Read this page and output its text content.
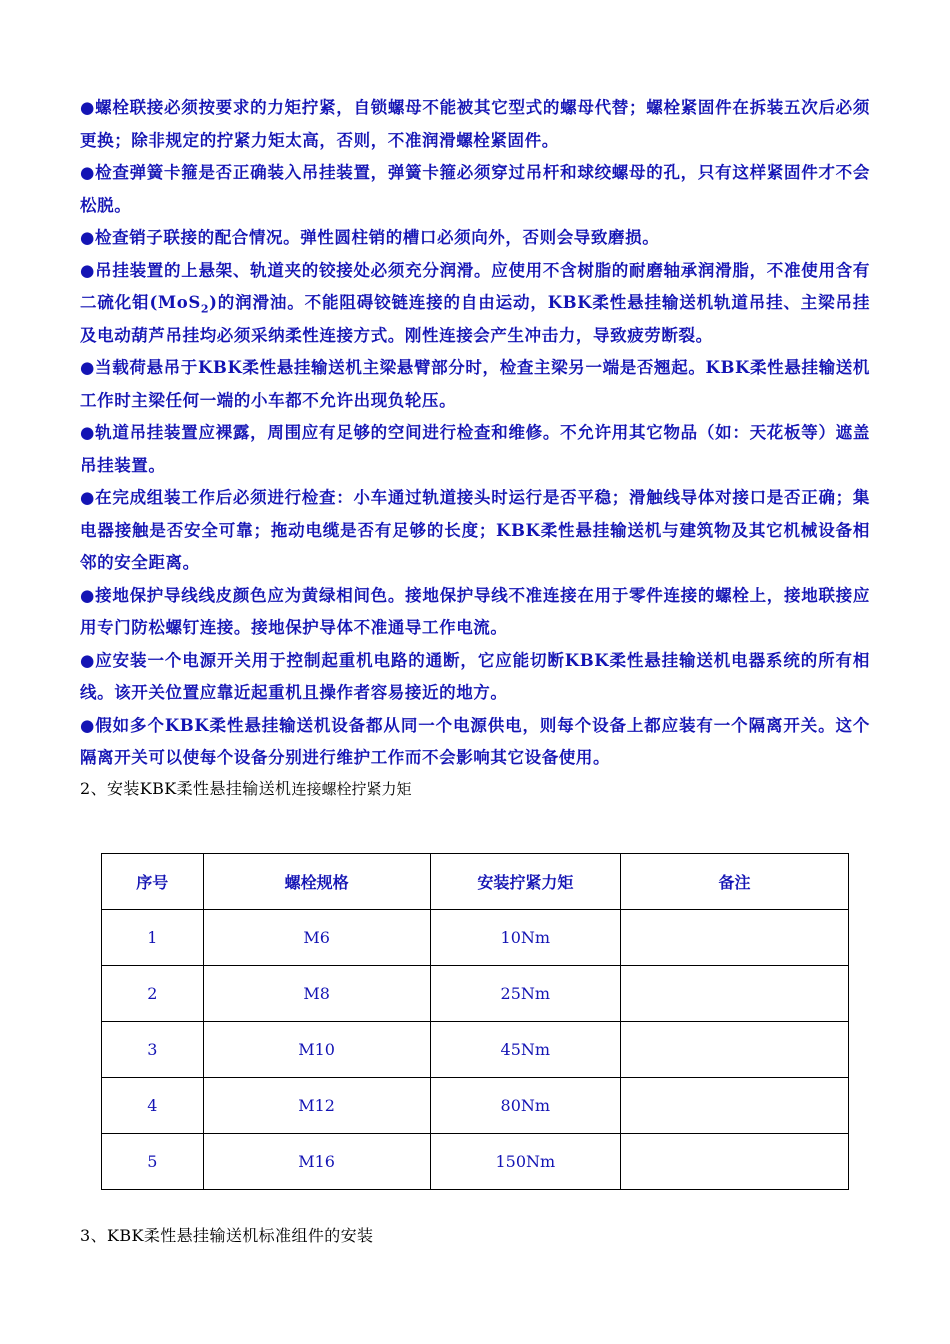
●螺栓联接必须按要求的力矩拧紧，自锁螺母不能被其它型式的螺母代替；螺栓紧固件在拆装五次后必须更换；除非规定的拧紧力矩太高，否则，不准润滑螺栓紧固件。

●检查弹簧卡箍是否正确装入吊挂装置，弹簧卡箍必须穿过吊杆和球绞螺母的孔，只有这样紧固件才不会松脱。

●检查销子联接的配合情况。弹性圆柱销的槽口必须向外，否则会导致磨损。

●吊挂装置的上悬架、轨道夹的铰接处必须充分润滑。应使用不含树脂的耐磨轴承润滑脂，不准使用含有二硫化钼(MoS$_2$)的润滑油。不能阻碍铰链连接的自由运动，KBK柔性悬挂输送机轨道吊挂、主梁吊挂及电动葫芦吊挂均必须采纳柔性连接方式。刚性连接会产生冲击力，导致疲劳断裂。

●当载荷悬吊于KBK柔性悬挂输送机主梁悬臂部分时，检查主梁另一端是否翘起。KBK柔性悬挂输送机工作时主梁任何一端的小车都不允许出现负轮压。

●轨道吊挂装置应裸露，周围应有足够的空间进行检查和维修。不允许用其它物品（如：天花板等）遮盖吊挂装置。

●在完成组装工作后必须进行检查：小车通过轨道接头时运行是否平稳；滑触线导体对接口是否正确；集电器接触是否安全可靠；拖动电缆是否有足够的长度；KBK柔性悬挂输送机与建筑物及其它机械设备相邻的安全距离。

●接地保护导线线皮颜色应为黄绿相间色。接地保护导线不准连接在用于零件连接的螺栓上，接地联接应用专门防松螺钉连接。接地保护导体不准通导工作电流。

●应安装一个电源开关用于控制起重机电路的通断，它应能切断KBK柔性悬挂输送机电器系统的所有相线。该开关位置应靠近起重机且操作者容易接近的地方。

●假如多个KBK柔性悬挂输送机设备都从同一个电源供电，则每个设备上都应装有一个隔离开关。这个隔离开关可以使每个设备分别进行维护工作而不会影响其它设备使用。

2、安装KBK柔性悬挂输送机连接螺栓拧紧力矩

序号	螺栓规格	安装拧紧力矩	备注
1	M6	10Nm	
2	M8	25Nm	
3	M10	45Nm	
4	M12	80Nm	
5	M16	150Nm	

3、KBK柔性悬挂输送机标准组件的安装
